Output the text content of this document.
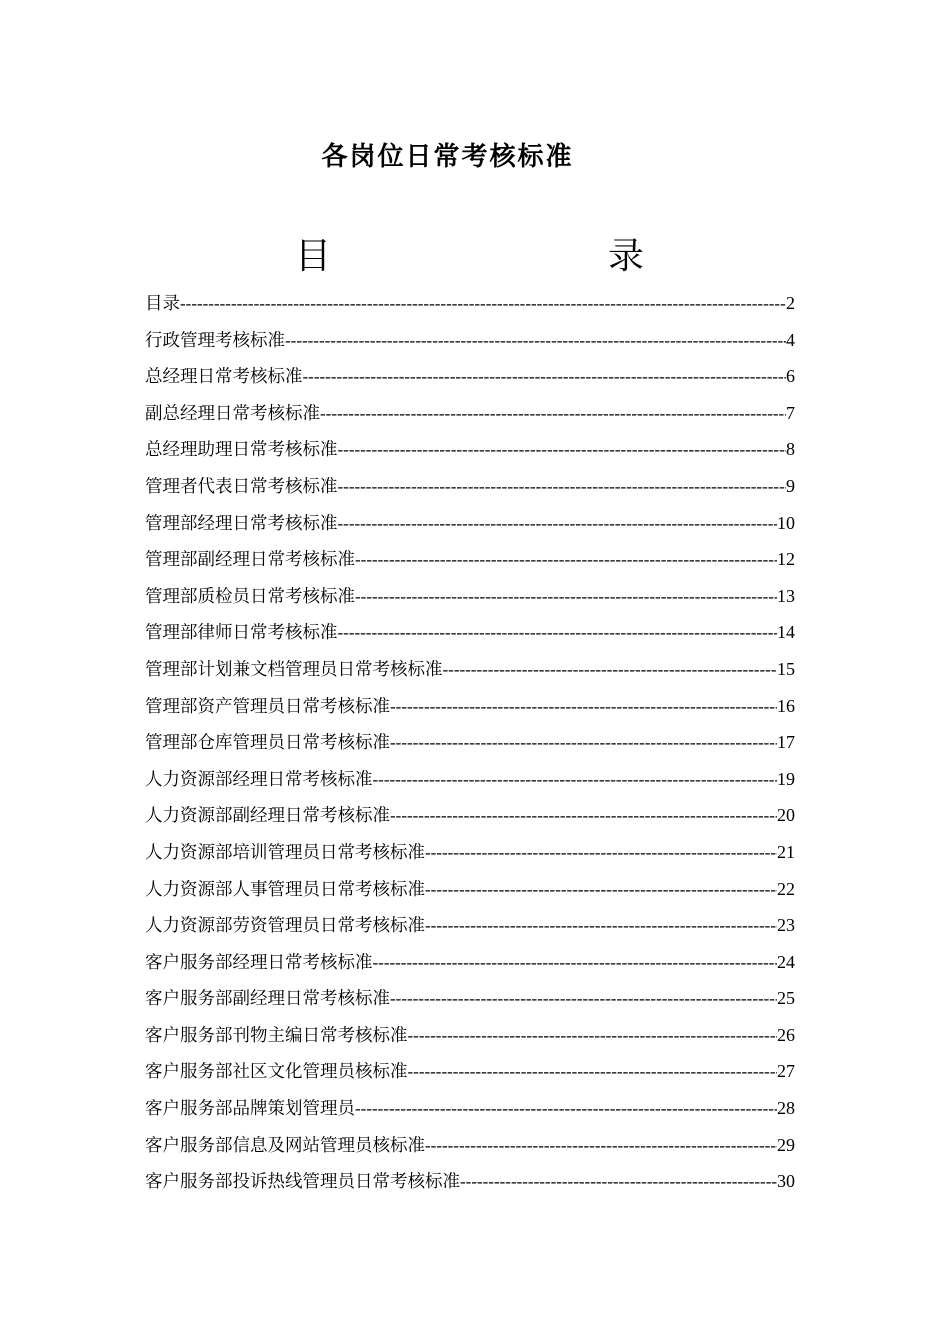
各岗位日常考核标准
目	录
目录 -----	2
行政管理考核标准 -----	4
总经理日常考核标准 -----	6
副总经理日常考核标准 -----	7
总经理助理日常考核标准 -----	8
管理者代表日常考核标准 -----	9
管理部经理日常考核标准 -----	10
管理部副经理日常考核标准 -----	12
管理部质检员日常考核标准 -----	13
管理部律师日常考核标准 -----	14
管理部计划兼文档管理员日常考核标准 -----	15
管理部资产管理员日常考核标准 -----	16
管理部仓库管理员日常考核标准 -----	17
人力资源部经理日常考核标准 -----	19
人力资源部副经理日常考核标准 -----	20
人力资源部培训管理员日常考核标准 -----	21
人力资源部人事管理员日常考核标准 -----	22
人力资源部劳资管理员日常考核标准 -----	23
客户服务部经理日常考核标准 -----	24
客户服务部副经理日常考核标准 -----	25
客户服务部刊物主编日常考核标准 -----	26
客户服务部社区文化管理员核标准 -----	27
客户服务部品牌策划管理员 -----	28
客户服务部信息及网站管理员核标准 -----	29
客户服务部投诉热线管理员日常考核标准 -----	30
